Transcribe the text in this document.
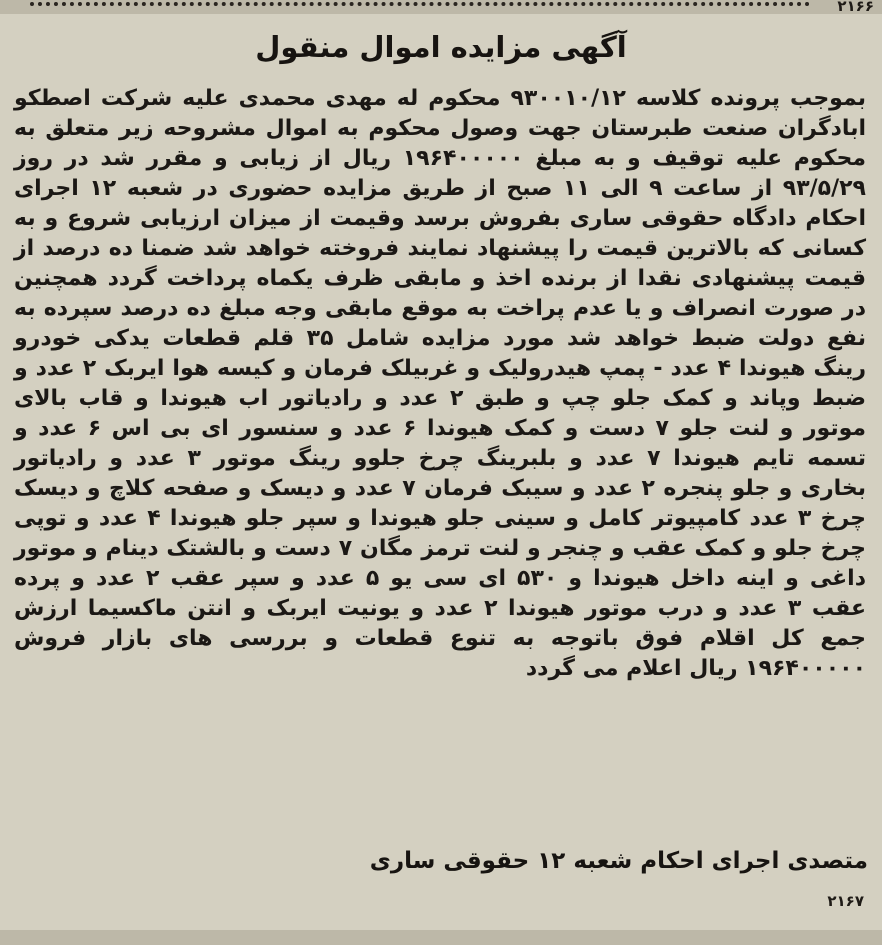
۲۱۶۶
آگهی مزایده اموال منقول
بموجب پرونده کلاسه ۹۳۰۰۱۰/۱۲ محکوم له مهدی محمدی علیه شرکت اصطکو ابادگران صنعت طبرستان جهت وصول محکوم به اموال مشروحه زیر متعلق به محکوم علیه توقیف و به مبلغ ۱۹۶۴۰۰۰۰۰ ریال از زیابی و مقرر شد در روز ۹۳/۵/۲۹ از ساعت ۹ الی ۱۱ صبح از طریق مزایده حضوری در شعبه ۱۲ اجرای احکام دادگاه حقوقی ساری بفروش برسد وقیمت از میزان ارزیابی شروع و به کسانی که بالاترین قیمت را پیشنهاد نمایند فروخته خواهد شد ضمنا ده درصد از قیمت پیشنهادی نقدا از برنده اخذ و مابقی ظرف یکماه پرداخت گردد همچنین در صورت انصراف و یا عدم پراخت به موقع مابقی وجه مبلغ ده درصد سپرده به نفع دولت ضبط خواهد شد مورد مزایده شامل ۳۵ قلم قطعات یدکی خودرو رینگ هیوندا ۴ عدد - پمپ هیدرولیک و غربیلک فرمان و کیسه هوا ایربک ۲ عدد و ضبط وپاند و کمک جلو چپ و طبق ۲ عدد و رادیاتور اب هیوندا و قاب بالای موتور و لنت جلو ۷ دست و کمک هیوندا ۶ عدد و سنسور ای بی اس ۶ عدد و تسمه تایم هیوندا ۷ عدد و بلبرینگ چرخ جلوو رینگ موتور ۳ عدد و رادیاتور بخاری و جلو پنجره ۲ عدد و سیبک فرمان ۷ عدد و دیسک و صفحه کلاچ و دیسک چرخ ۳ عدد کامپیوتر کامل و سینی جلو هیوندا و سپر جلو هیوندا ۴ عدد و توپی چرخ جلو و کمک عقب و چنجر و لنت ترمز مگان ۷ دست و بالشتک دینام و موتور داغی و اینه داخل هیوندا و ۵۳۰ ای سی یو ۵ عدد و سپر عقب ۲ عدد و پرده عقب ۳ عدد و درب موتور هیوندا ۲ عدد و یونیت ایربک و انتن ماکسیما ارزش جمع کل اقلام فوق باتوجه به تنوع قطعات و بررسی های بازار فروش ۱۹۶۴۰۰۰۰۰ ریال اعلام می گردد
متصدی اجرای احکام شعبه ۱۲ حقوقی ساری
۲۱۶۷
